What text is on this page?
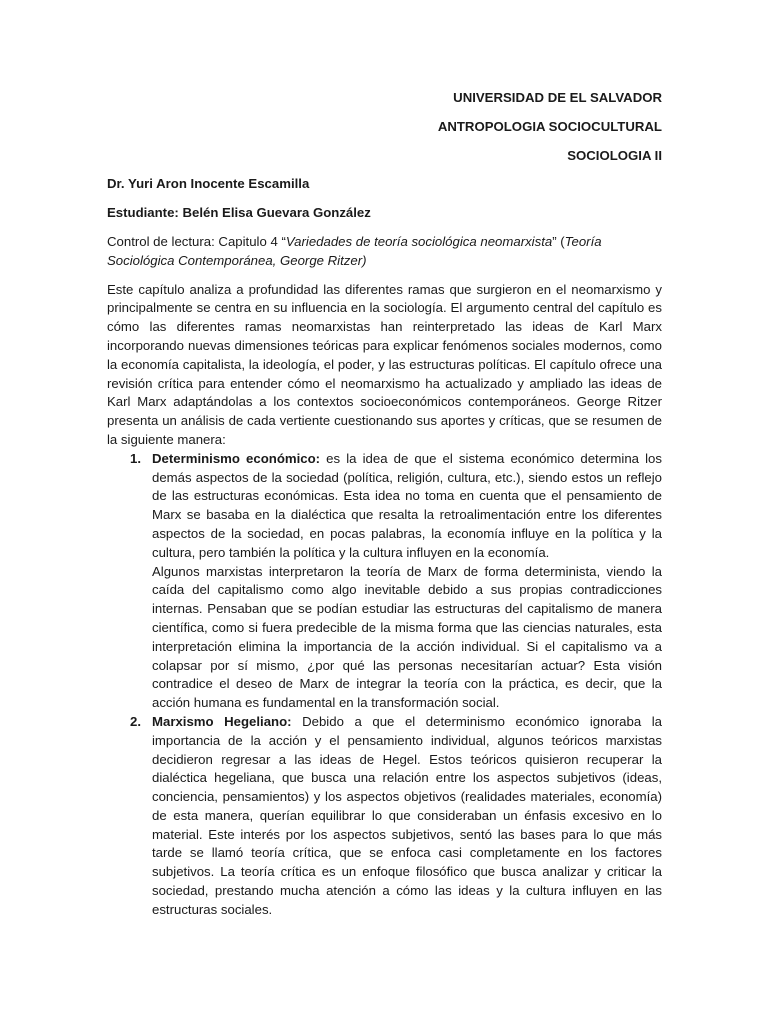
UNIVERSIDAD DE EL SALVADOR
ANTROPOLOGIA SOCIOCULTURAL
SOCIOLOGIA II

Dr. Yuri Aron Inocente Escamilla

Estudiante: Belén Elisa Guevara González

Control de lectura: Capitulo 4 “Variedades de teoría sociológica neomarxista” (Teoría Sociológica Contemporánea, George Ritzer)

Este capítulo analiza a profundidad las diferentes ramas que surgieron en el neomarxismo y principalmente se centra en su influencia en la sociología. El argumento central del capítulo es cómo las diferentes ramas neomarxistas han reinterpretado las ideas de Karl Marx incorporando nuevas dimensiones teóricas para explicar fenómenos sociales modernos, como la economía capitalista, la ideología, el poder, y las estructuras políticas. El capítulo ofrece una revisión crítica para entender cómo el neomarxismo ha actualizado y ampliado las ideas de Karl Marx adaptándolas a los contextos socioeconómicos contemporáneos. George Ritzer presenta un análisis de cada vertiente cuestionando sus aportes y críticas, que se resumen de la siguiente manera:

1. Determinismo económico: es la idea de que el sistema económico determina los demás aspectos de la sociedad (política, religión, cultura, etc.), siendo estos un reflejo de las estructuras económicas. Esta idea no toma en cuenta que el pensamiento de Marx se basaba en la dialéctica que resalta la retroalimentación entre los diferentes aspectos de la sociedad, en pocas palabras, la economía influye en la política y la cultura, pero también la política y la cultura influyen en la economía.

Algunos marxistas interpretaron la teoría de Marx de forma determinista, viendo la caída del capitalismo como algo inevitable debido a sus propias contradicciones internas. Pensaban que se podían estudiar las estructuras del capitalismo de manera científica, como si fuera predecible de la misma forma que las ciencias naturales, esta interpretación elimina la importancia de la acción individual. Si el capitalismo va a colapsar por sí mismo, ¿por qué las personas necesitarían actuar? Esta visión contradice el deseo de Marx de integrar la teoría con la práctica, es decir, que la acción humana es fundamental en la transformación social.

2. Marxismo Hegeliano: Debido a que el determinismo económico ignoraba la importancia de la acción y el pensamiento individual, algunos teóricos marxistas decidieron regresar a las ideas de Hegel. Estos teóricos quisieron recuperar la dialéctica hegeliana, que busca una relación entre los aspectos subjetivos (ideas, conciencia, pensamientos) y los aspectos objetivos (realidades materiales, economía) de esta manera, querían equilibrar lo que consideraban un énfasis excesivo en lo material. Este interés por los aspectos subjetivos, sentó las bases para lo que más tarde se llamó teoría crítica, que se enfoca casi completamente en los factores subjetivos. La teoría crítica es un enfoque filosófico que busca analizar y criticar la sociedad, prestando mucha atención a cómo las ideas y la cultura influyen en las estructuras sociales.
